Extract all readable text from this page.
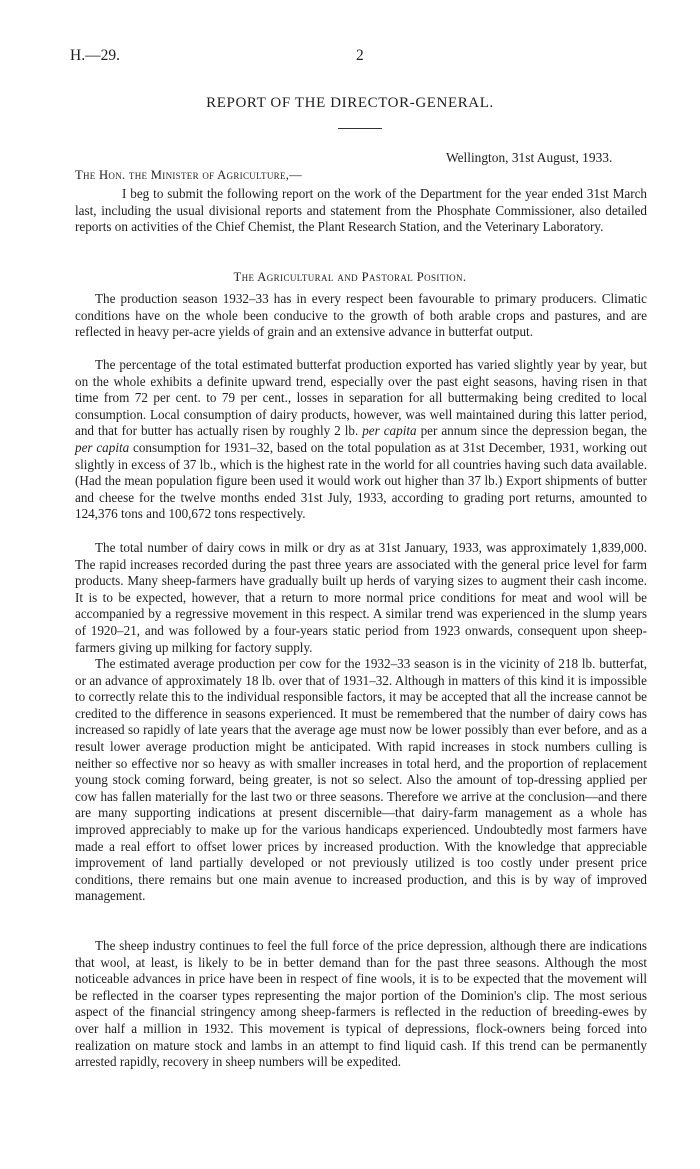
H.—29.	2
REPORT OF THE DIRECTOR-GENERAL.
Wellington, 31st August, 1933.
The Hon. the Minister of Agriculture,—

I beg to submit the following report on the work of the Department for the year ended 31st March last, including the usual divisional reports and statement from the Phosphate Commissioner, also detailed reports on activities of the Chief Chemist, the Plant Research Station, and the Veterinary Laboratory.

The Agricultural and Pastoral Position.

The production season 1932–33 has in every respect been favourable to primary producers. Climatic conditions have on the whole been conducive to the growth of both arable crops and pastures, and are reflected in heavy per-acre yields of grain and an extensive advance in butterfat output.

The percentage of the total estimated butterfat production exported has varied slightly year by year, but on the whole exhibits a definite upward trend, especially over the past eight seasons, having risen in that time from 72 per cent. to 79 per cent., losses in separation for all buttermaking being credited to local consumption. Local consumption of dairy products, however, was well maintained during this latter period, and that for butter has actually risen by roughly 2 lb. per capita per annum since the depression began, the per capita consumption for 1931–32, based on the total population as at 31st December, 1931, working out slightly in excess of 37 lb., which is the highest rate in the world for all countries having such data available. (Had the mean population figure been used it would work out higher than 37 lb.) Export shipments of butter and cheese for the twelve months ended 31st July, 1933, according to grading port returns, amounted to 124,376 tons and 100,672 tons respectively.

The total number of dairy cows in milk or dry as at 31st January, 1933, was approximately 1,839,000. The rapid increases recorded during the past three years are associated with the general price level for farm products. Many sheep-farmers have gradually built up herds of varying sizes to augment their cash income. It is to be expected, however, that a return to more normal price conditions for meat and wool will be accompanied by a regressive movement in this respect. A similar trend was experienced in the slump years of 1920–21, and was followed by a four-years static period from 1923 onwards, consequent upon sheep-farmers giving up milking for factory supply.

The estimated average production per cow for the 1932–33 season is in the vicinity of 218 lb. butterfat, or an advance of approximately 18 lb. over that of 1931–32. Although in matters of this kind it is impossible to correctly relate this to the individual responsible factors, it may be accepted that all the increase cannot be credited to the difference in seasons experienced. It must be remembered that the number of dairy cows has increased so rapidly of late years that the average age must now be lower possibly than ever before, and as a result lower average production might be anticipated. With rapid increases in stock numbers culling is neither so effective nor so heavy as with smaller increases in total herd, and the proportion of replacement young stock coming forward, being greater, is not so select. Also the amount of top-dressing applied per cow has fallen materially for the last two or three seasons. Therefore we arrive at the conclusion—and there are many supporting indications at present discernible—that dairy-farm management as a whole has improved appreciably to make up for the various handicaps experienced. Undoubtedly most farmers have made a real effort to offset lower prices by increased production. With the knowledge that appreciable improvement of land partially developed or not previously utilized is too costly under present price conditions, there remains but one main avenue to increased production, and this is by way of improved management.

The sheep industry continues to feel the full force of the price depression, although there are indications that wool, at least, is likely to be in better demand than for the past three seasons. Although the most noticeable advances in price have been in respect of fine wools, it is to be expected that the movement will be reflected in the coarser types representing the major portion of the Dominion's clip. The most serious aspect of the financial stringency among sheep-farmers is reflected in the reduction of breeding-ewes by over half a million in 1932. This movement is typical of depressions, flock-owners being forced into realization on mature stock and lambs in an attempt to find liquid cash. If this trend can be permanently arrested rapidly, recovery in sheep numbers will be expedited.
